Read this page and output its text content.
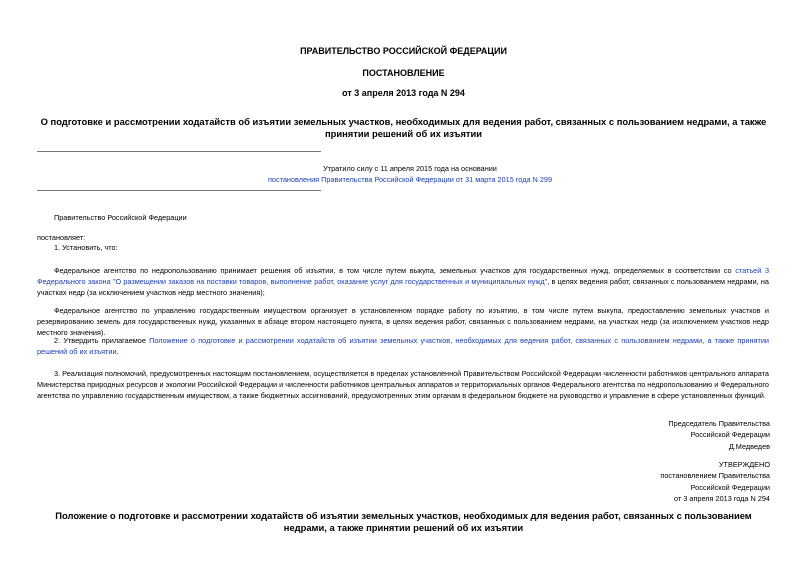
ПРАВИТЕЛЬСТВО РОССИЙСКОЙ ФЕДЕРАЦИИ
ПОСТАНОВЛЕНИЕ
от 3 апреля 2013 года N 294
О подготовке и рассмотрении ходатайств об изъятии земельных участков, необходимых для ведения работ, связанных с пользованием недрами, а также принятии решений об их изъятии
Утратило силу с 11 апреля 2015 года на основании
постановления Правительства Российской Федерации от 31 марта 2015 года N 299
Правительство Российской Федерации
постановляет:
1. Установить, что:
Федеральное агентство по недропользованию принимает решения об изъятии, в том числе путем выкупа, земельных участков для государственных нужд, определяемых в соответствии со статьей 3 Федерального закона "О размещении заказов на поставки товаров, выполнение работ, оказание услуг для государственных и муниципальных нужд", в целях ведения работ, связанных с пользованием недрами, на участках недр (за исключением участков недр местного значения);
Федеральное агентство по управлению государственным имуществом организует в установленном порядке работу по изъятию, в том числе путем выкупа, предоставлению земельных участков и резервированию земель для государственных нужд, указанных в абзаце втором настоящего пункта, в целях ведения работ, связанных с пользованием недрами, на участках недр (за исключением участков недр местного значения).
2. Утвердить прилагаемое Положение о подготовке и рассмотрении ходатайств об изъятии земельных участков, необходимых для ведения работ, связанных с пользованием недрами, а также принятии решений об их изъятии.
3. Реализация полномочий, предусмотренных настоящим постановлением, осуществляется в пределах установленной Правительством Российской Федерации численности работников центрального аппарата Министерства природных ресурсов и экологии Российской Федерации и численности работников центральных аппаратов и территориальных органов Федерального агентства по недропользованию и Федерального агентства по управлению государственным имуществом, а также бюджетных ассигнований, предусмотренных этим органам в федеральном бюджете на руководство и управление в сфере установленных функций.
Председатель Правительства
Российской Федерации
Д.Медведев
УТВЕРЖДЕНО
постановлением Правительства
Российской Федерации
от 3 апреля 2013 года N 294
Положение о подготовке и рассмотрении ходатайств об изъятии земельных участков, необходимых для ведения работ, связанных с пользованием недрами, а также принятии решений об их изъятии
